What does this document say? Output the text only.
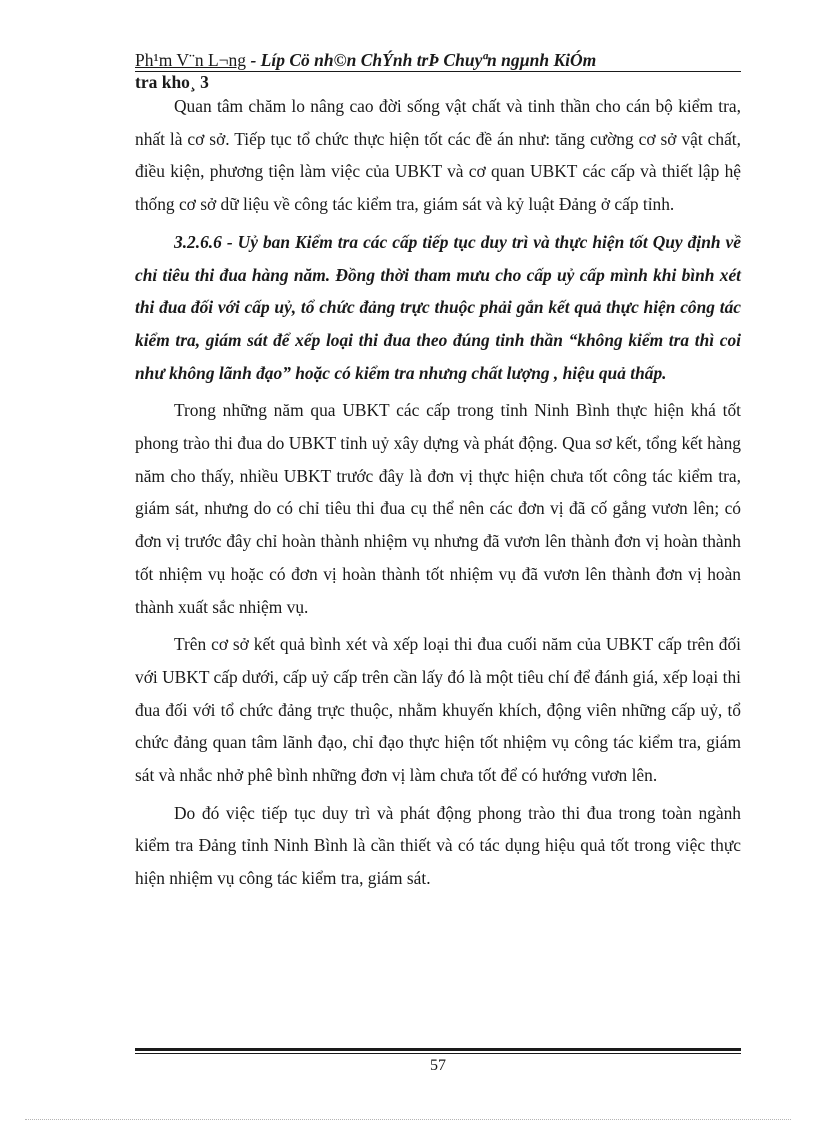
Ph¹m V¨n L¬ng - Líp Cö nh©n ChÝnh trÞ Chuyªn ngµnh KiÓm
tra kho¸ 3

Quan tâm chăm lo nâng cao đời sống vật chất và tinh thần cho cán bộ kiểm tra, nhất là cơ sở. Tiếp tục tổ chức thực hiện tốt các đề án như: tăng cường cơ sở vật chất, điều kiện, phương tiện làm việc của UBKT và cơ quan UBKT các cấp và thiết lập hệ thống cơ sở dữ liệu về công tác kiểm tra, giám sát và kỷ luật Đảng ở cấp tỉnh.

3.2.6.6 - Uỷ ban Kiểm tra các cấp tiếp tục duy trì và thực hiện tốt Quy định về chỉ tiêu thi đua hàng năm. Đồng thời tham mưu cho cấp uỷ cấp mình khi bình xét thi đua đối với cấp uỷ, tổ chức đảng trực thuộc phải gắn kết quả thực hiện công tác kiểm tra, giám sát để xếp loại thi đua theo đúng tinh thần “không kiểm tra thì coi như không lãnh đạo” hoặc có kiểm tra nhưng chất lượng , hiệu quả thấp.

Trong những năm qua UBKT các cấp trong tỉnh Ninh Bình thực hiện khá tốt phong trào thi đua do UBKT tỉnh uỷ xây dựng và phát động. Qua sơ kết, tổng kết hàng năm cho thấy, nhiều UBKT trước đây là đơn vị thực hiện chưa tốt công tác kiểm tra, giám sát, nhưng do có chỉ tiêu thi đua cụ thể nên các đơn vị đã cố gắng vươn lên; có đơn vị trước đây chỉ hoàn thành nhiệm vụ nhưng đã vươn lên thành đơn vị hoàn thành tốt nhiệm vụ hoặc có đơn vị hoàn thành tốt nhiệm vụ đã vươn lên thành đơn vị hoàn thành xuất sắc nhiệm vụ.

Trên cơ sở kết quả bình xét và xếp loại thi đua cuối năm của UBKT cấp trên đối với UBKT cấp dưới, cấp uỷ cấp trên cần lấy đó là một tiêu chí để đánh giá, xếp loại thi đua đối với tổ chức đảng trực thuộc, nhằm khuyến khích, động viên những cấp uỷ, tổ chức đảng quan tâm lãnh đạo, chỉ đạo thực hiện tốt nhiệm vụ công tác kiểm tra, giám sát và nhắc nhở phê bình những đơn vị làm chưa tốt để có hướng vươn lên.

Do đó việc tiếp tục duy trì và phát động phong trào thi đua trong toàn ngành kiểm tra Đảng tỉnh Ninh Bình là cần thiết và có tác dụng hiệu quả tốt trong việc thực hiện nhiệm vụ công tác kiểm tra, giám sát.

57
